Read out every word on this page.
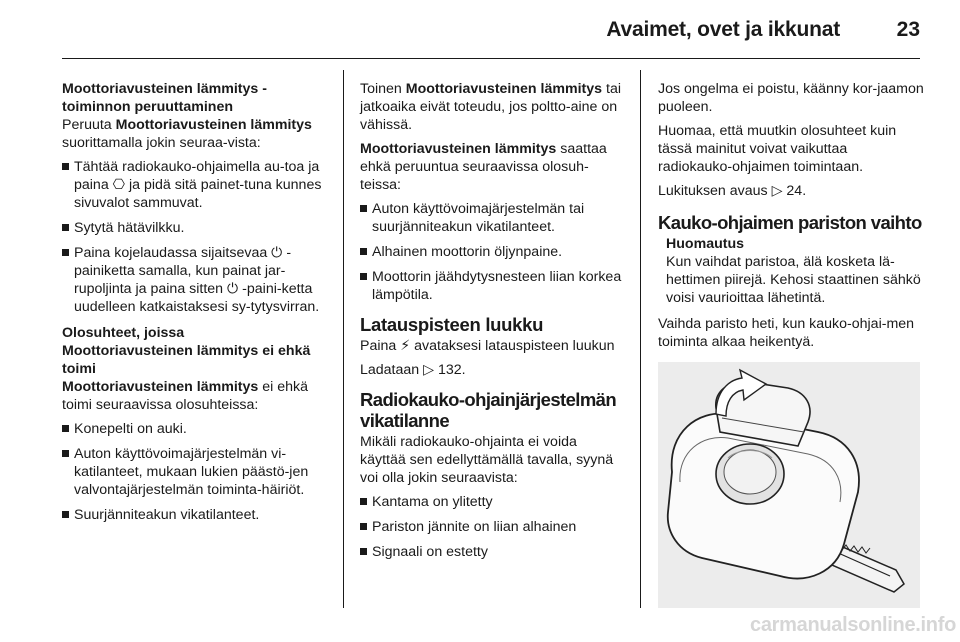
Avaimet, ovet ja ikkunat	23

Moottoriavusteinen lämmitys -
toiminnon peruuttaminen

Peruuta Moottoriavusteinen lämmitys suorittamalla jokin seuraa-vista:

Tähtää radiokauko-ohjaimella au-toa ja paina ⎔ ja pidä sitä painet-tuna kunnes sivuvalot sammuvat.
Sytytä hätävilkku.
Paina kojelaudassa sijaitsevaa ⏻ -painiketta samalla, kun painat jar-rupoljinta ja paina sitten ⏻ -paini-ketta uudelleen katkaistaksesi sy-tytysvirran.

Olosuhteet, joissa
Moottoriavusteinen lämmitys ei ehkä
toimi

Moottoriavusteinen lämmitys ei ehkä toimi seuraavissa olosuhteissa:

Konepelti on auki.
Auton käyttövoimajärjestelmän vi-katilanteet, mukaan lukien päästö-jen valvontajärjestelmän toiminta-häiriöt.
Suurjänniteakun vikatilanteet.

Toinen Moottoriavusteinen lämmitys tai jatkoaika eivät toteudu, jos poltto-aine on vähissä.

Moottoriavusteinen lämmitys saattaa ehkä peruuntua seuraavissa olosuh-teissa:

Auton käyttövoimajärjestelmän tai suurjänniteakun vikatilanteet.
Alhainen moottorin öljynpaine.
Moottorin jäähdytysnesteen liian korkea lämpötila.
Latauspisteen luukku

Paina ⚡ avataksesi latauspisteen luukun

Ladataan ▷ 132.

Radiokauko-ohjainjärjestelmän vikatilanne

Mikäli radiokauko-ohjainta ei voida käyttää sen edellyttämällä tavalla, syynä voi olla jokin seuraavista:

Kantama on ylitetty
Pariston jännite on liian alhainen
Signaali on estetty

Jos ongelma ei poistu, käänny kor-jaamon puoleen.

Huomaa, että muutkin olosuhteet kuin tässä mainitut voivat vaikuttaa radiokauko-ohjaimen toimintaan.

Lukituksen avaus ▷ 24.

Kauko-ohjaimen pariston vaihto
Huomautus
Kun vaihdat paristoa, älä kosketa lä-hettimen piirejä. Kehosi staattinen sähkö voisi vaurioittaa lähetintä.

Vaihda paristo heti, kun kauko-ohjai-men toiminta alkaa heikentyä.

carmanualsonline.info
